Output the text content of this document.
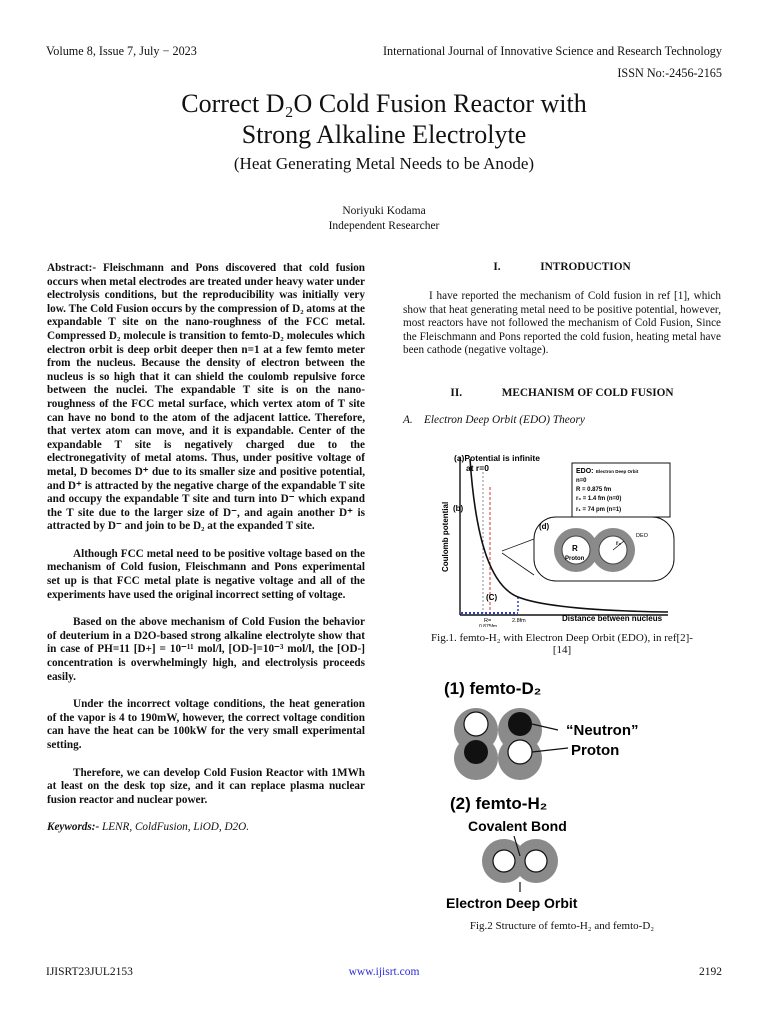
Volume 8, Issue 7, July − 2023	International Journal of Innovative Science and Research Technology
ISSN No:-2456-2165
Correct D₂O Cold Fusion Reactor with
Strong Alkaline Electrolyte
(Heat Generating Metal Needs to be Anode)
Noriyuki Kodama
Independent Researcher
Abstract:- Fleischmann and Pons discovered that cold fusion occurs when metal electrodes are treated under heavy water under electrolysis conditions, but the reproducibility was initially very low. The Cold Fusion occurs by the compression of D₂ atoms at the expandable T site on the nano-roughness of the FCC metal. Compressed D₂ molecule is transition to femto-D₂ molecules which electron orbit is deep orbit deeper then n=1 at a few femto meter from the nucleus. Because the density of electron between the nucleus is so high that it can shield the coulomb repulsive force between the nuclei. The expandable T site is on the nano-roughness of the FCC metal surface, which vertex atom of T site can have no bond to the atom of the adjacent lattice. Therefore, that vertex atom can move, and it is expandable. Center of the expandable T site is negatively charged due to the electronegativity of metal atoms. Thus, under positive voltage of metal, D becomes D⁺ due to its smaller size and positive potential, and D⁺ is attracted by the negative charge of the expandable T site and occupy the expandable T site and turn into D⁻ which expand the T site due to the larger size of D⁻, and again another D⁺ is attracted by D⁻ and join to be D₂ at the expanded T site.

Although FCC metal need to be positive voltage based on the mechanism of Cold fusion, Fleischmann and Pons experimental set up is that FCC metal plate is negative voltage and all of the experiments have used the original incorrect setting of voltage.

Based on the above mechanism of Cold Fusion the behavior of deuterium in a D2O-based strong alkaline electrolyte show that in case of PH=11 [D+] = 10⁻¹¹ mol/l, [OD-]=10⁻³ mol/l, the [OD-] concentration is overwhelmingly high, and electrolysis proceeds easily.

Under the incorrect voltage conditions, the heat generation of the vapor is 4 to 190mW, however, the correct voltage condition can have the heat can be 100kW for the very small experimental setting.

Therefore, we can develop Cold Fusion Reactor with 1MWh at least on the desk top size, and it can replace plasma nuclear fusion reactor and nuclear power.

Keywords:- LENR, ColdFusion, LiOD, D2O.
I.	INTRODUCTION

I have reported the mechanism of Cold fusion in ref [1], which show that heat generating metal need to be positive potential, however, most reactors have not followed the mechanism of Cold Fusion, Since the Fleischmann and Pons reported the cold fusion, heating metal have been cathode (negative voltage).

II.	MECHANISM OF COLD FUSION
A. Electron Deep Orbit (EDO) Theory
Coulomb potential
Distance between nucleus
(a)Potential is infinite
at r=0
(b)
(C)
R=
0.875fm
2.8fm
EDO: Electron Deep Orbit
n=0
R = 0.875 fm
r₀ = 1.4 fm (n=0)
r₁ = 74 pm (n=1)
(d)
R
Proton
r₀
DEO
Fig.1. femto-H₂ with Electron Deep Orbit (EDO), in ref[2]-
[14]
(1) femto-D₂
“Neutron”
Proton
(2) femto-H₂
Covalent Bond
Electron Deep Orbit
Fig.2 Structure of femto-H₂ and femto-D₂
IJISRT23JUL2153	www.ijisrt.com	2192
